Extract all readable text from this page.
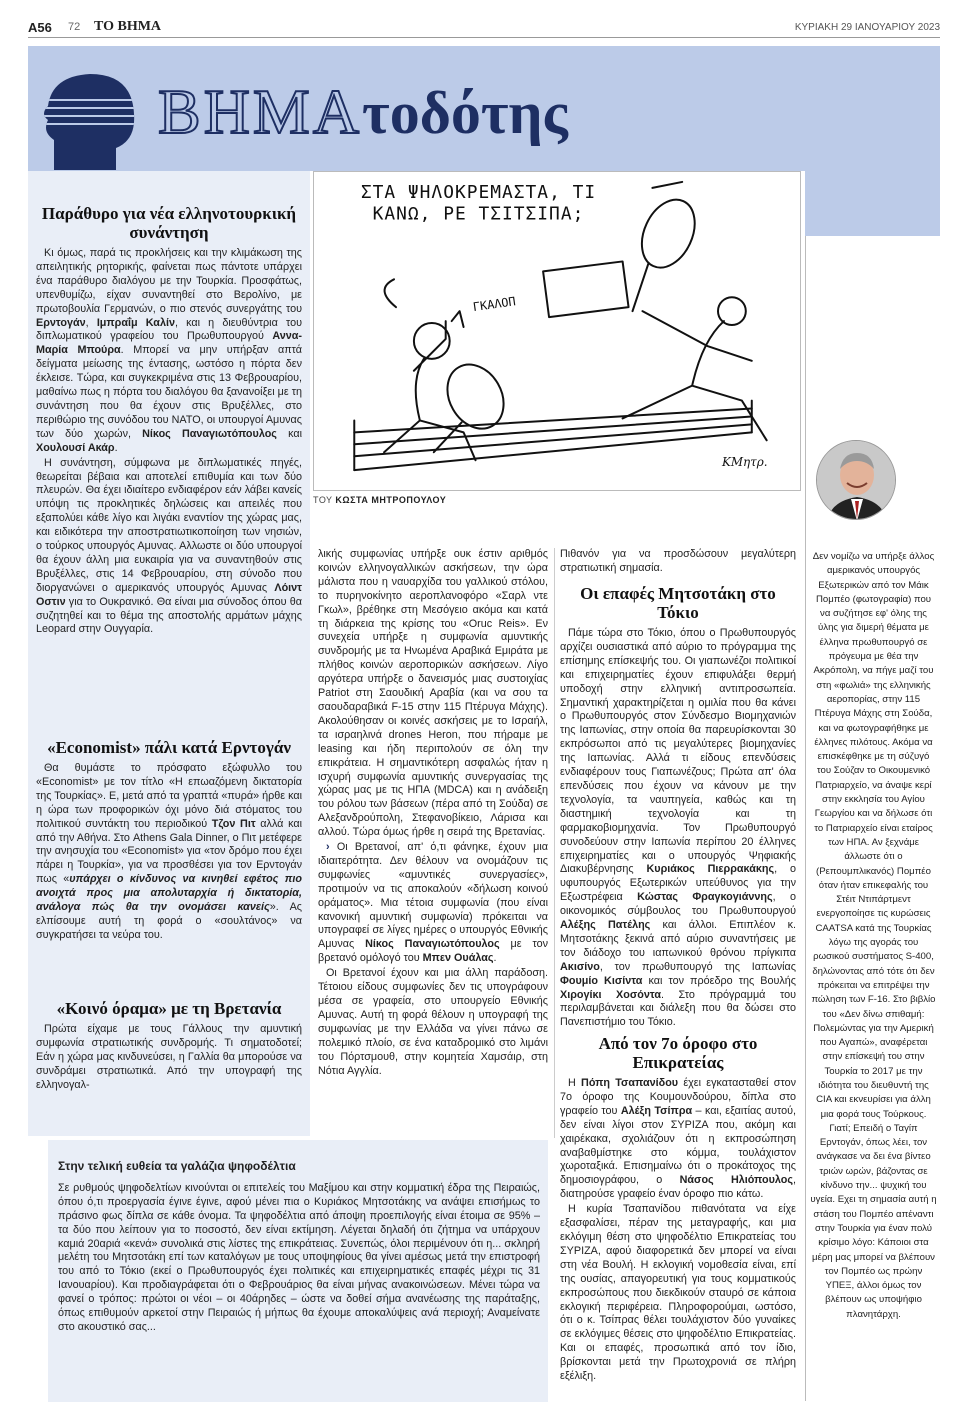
Α56 72 ΤΟ ΒΗΜΑ	ΚΥΡΙΑΚΗ 29 ΙΑΝΟΥΑΡΙΟΥ 2023
ΒΗΜΑτοδότης
ΓΚΑΛΟΠ
ΣΤΑ ΨΗΛΟΚΡΕΜΑΣΤΑ, ΤΙ ΚΑΝΩ, ΡΕ ΤΣΙΤΣΙΠΑ;
ΚΜητρ.
ΤΟΥ ΚΩΣΤΑ ΜΗΤΡΟΠΟΥΛΟΥ
Παράθυρο για νέα ελληνοτουρκική συνάντηση

Κι όμως, παρά τις προκλήσεις και την κλιμάκωση της απειλητικής ρητορικής, φαίνεται πως πάντοτε υπάρχει ένα παράθυρο διαλόγου με την Τουρκία. Προσφάτως, υπενθυμίζω, είχαν συναντηθεί στο Βερολίνο, με πρωτοβουλία Γερμανών, ο πιο στενός συνεργάτης του Ερντογάν, Ιμπραΐμ Καλίν, και η διευθύντρια του διπλωματικού γραφείου του Πρωθυπουργού Αννα-Μαρία Μπούρα. Μπορεί να μην υπήρξαν απτά δείγματα μείωσης της έντασης, ωστόσο η πόρτα δεν έκλεισε. Τώρα, και συγκεκριμένα στις 13 Φεβρουαρίου, μαθαίνω πως η πόρτα του διαλόγου θα ξανανοίξει με τη συνάντηση που θα έχουν στις Βρυξέλλες, στο περιθώριο της συνόδου του ΝΑΤΟ, οι υπουργοί Αμυνας των δύο χωρών, Νίκος Παναγιωτόπουλος και Χουλουσί Ακάρ.

Η συνάντηση, σύμφωνα με διπλωματικές πηγές, θεωρείται βέβαια και αποτελεί επιθυμία και των δύο πλευρών. Θα έχει ιδιαίτερο ενδιαφέρον εάν λάβει κανείς υπόψη τις προκλητικές δηλώσεις και απειλές που εξαπολύει κάθε λίγο και λιγάκι εναντίον της χώρας μας, και ειδικότερα την αποστρατιωτικοποίηση των νησιών, ο τούρκος υπουργός Αμυνας. Αλλωστε οι δύο υπουργοί θα έχουν άλλη μια ευκαιρία για να συναντηθούν στις Βρυξέλλες, στις 14 Φεβρουαρίου, στη σύνοδο που διοργανώνει ο αμερικανός υπουργός Αμυνας Λόιντ Οστιν για το Ουκρανικό. Θα είναι μια σύνοδος όπου θα συζητηθεί και το θέμα της αποστολής αρμάτων μάχης Leopard στην Ουγγαρία.

«Economist» πάλι κατά Ερντογάν

Θα θυμάστε το πρόσφατο εξώφυλλο του «Economist» με τον τίτλο «Η επωαζόμενη δικτατορία της Τουρκίας». Ε, μετά από τα γραπτά «πυρά» ήρθε και η ώρα των προφορικών όχι μόνο διά στόματος του πολιτικού συντάκτη του περιοδικού Τζον Πιτ αλλά και από την Αθήνα. Στο Athens Gala Dinner, ο Πιτ μετέφερε την ανησυχία του «Economist» για «τον δρόμο που έχει πάρει η Τουρκία», για να προσθέσει για τον Ερντογάν πως «υπάρχει ο κίνδυνος να κινηθεί εφέτος πιο ανοιχτά προς μια απολυταρχία ή δικτατορία, ανάλογα πώς θα την ονομάσει κανείς». Ας ελπίσουμε αυτή τη φορά ο «σουλτάνος» να συγκρατήσει τα νεύρα του.

«Κοινό όραμα» με τη Βρετανία

Πρώτα είχαμε με τους Γάλλους την αμυντική συμφωνία στρατιωτικής συνδρομής. Τι σηματοδοτεί; Εάν η χώρα μας κινδυνεύσει, η Γαλλία θα μπορούσε να συνδράμει στρατιωτικά. Από την υπογραφή της ελληνογαλ-

λικής συμφωνίας υπήρξε ουκ έστιν αριθμός κοινών ελληνογαλλικών ασκήσεων, την ώρα μάλιστα που η ναυαρχίδα του γαλλικού στόλου, το πυρηνοκίνητο αεροπλανοφόρο «Σαρλ ντε Γκωλ», βρέθηκε στη Μεσόγειο ακόμα και κατά τη διάρκεια της κρίσης του «Oruc Reis». Εν συνεχεία υπήρξε η συμφωνία αμυντικής συνδρομής με τα Ηνωμένα Αραβικά Εμιράτα με πλήθος κοινών αεροπορικών ασκήσεων. Λίγο αργότερα υπήρξε ο δανεισμός μιας συστοιχίας Patriot στη Σαουδική Αραβία (και να σου τα σαουδαραβικά F-15 στην 115 Πτέρυγα Μάχης). Ακολούθησαν οι κοινές ασκήσεις με το Ισραήλ, τα ισραηλινά drones Heron, που πήραμε με leasing και ήδη περιπολούν σε όλη την επικράτεια. Η σημαντικότερη ασφαλώς ήταν η ισχυρή συμφωνία αμυντικής συνεργασίας της χώρας μας με τις ΗΠΑ (MDCA) και η ανάδειξη του ρόλου των βάσεων (πέρα από τη Σούδα) σε Αλεξανδρούπολη, Στεφανοβίκειο, Λάρισα και αλλού. Τώρα όμως ήρθε η σειρά της Βρετανίας.

› Οι Βρετανοί, απ' ό,τι φάνηκε, έχουν μια ιδιαιτερότητα. Δεν θέλουν να ονομάζουν τις συμφωνίες «αμυντικές συνεργασίες», προτιμούν να τις αποκαλούν «δήλωση κοινού οράματος». Μια τέτοια συμφωνία (που είναι κανονική αμυντική συμφωνία) πρόκειται να υπογραφεί σε λίγες ημέρες ο υπουργός Εθνικής Αμυνας Νίκος Παναγιωτόπουλος με τον βρετανό ομόλογό του Μπεν Ουάλας.

Οι Βρετανοί έχουν και μια άλλη παράδοση. Τέτοιου είδους συμφωνίες δεν τις υπογράφουν μέσα σε γραφεία, στο υπουργείο Εθνικής Αμυνας. Αυτή τη φορά θέλουν η υπογραφή της συμφωνίας με την Ελλάδα να γίνει πάνω σε πολεμικό πλοίο, σε ένα καταδρομικό στο λιμάνι του Πόρτσμουθ, στην κομητεία Χαμσάιρ, στη Νότια Αγγλία.

Πιθανόν για να προσδώσουν μεγαλύτερη στρατιωτική σημασία.

Οι επαφές Μητσοτάκη στο Τόκιο

Πάμε τώρα στο Τόκιο, όπου ο Πρωθυπουργός αρχίζει ουσιαστικά από αύριο το πρόγραμμα της επίσημης επίσκεψής του. Οι γιαπωνέζοι πολιτικοί και επιχειρηματίες έχουν επιφυλάξει θερμή υποδοχή στην ελληνική αντιπροσωπεία. Σημαντική χαρακτηρίζεται η ομιλία που θα κάνει ο Πρωθυπουργός στον Σύνδεσμο Βιομηχανιών της Ιαπωνίας, στην οποία θα παρευρίσκονται 30 εκπρόσωποι από τις μεγαλύτερες βιομηχανίες της Ιαπωνίας. Αλλά τι είδους επενδύσεις ενδιαφέρουν τους Γιαπωνέζους; Πρώτα απ' όλα επενδύσεις που έχουν να κάνουν με την τεχνολογία, τα ναυπηγεία, καθώς και τη διαστημική τεχνολογία και τη φαρμακοβιομηχανία. Τον Πρωθυπουργό συνοδεύουν στην Ιαπωνία περίπου 20 έλληνες επιχειρηματίες και ο υπουργός Ψηφιακής Διακυβέρνησης Κυριάκος Πιερρακάκης, ο υφυπουργός Εξωτερικών υπεύθυνος για την Εξωστρέφεια Κώστας Φραγκογιάννης, ο οικονομικός σύμβουλος του Πρωθυπουργού Αλέξης Πατέλης και άλλοι. Επιπλέον κ. Μητσοτάκης ξεκινά από αύριο συναντήσεις με τον διάδοχο του ιαπωνικού θρόνου πρίγκιπα Ακισίνο, τον πρωθυπουργό της Ιαπωνίας Φουμίο Κισίντα και τον πρόεδρο της Βουλής Χιρογίκι Χοσόντα. Στο πρόγραμμά του περιλαμβάνεται και διάλεξη που θα δώσει στο Πανεπιστήμιο του Τόκιο.

Από τον 7ο όροφο στο Επικρατείας

Η Πόπη Τσαπανίδου έχει εγκατασταθεί στον 7ο όροφο της Κουμουνδούρου, δίπλα στο γραφείο του Αλέξη Τσίπρα – και, εξαιτίας αυτού, δεν είναι λίγοι στον ΣΥΡΙΖΑ που, ακόμη και χαιρέκακα, σχολιάζουν ότι η εκπροσώπηση αναβαθμίστηκε στο κόμμα, τουλάχιστον χωροταξικά. Επισημαίνω ότι ο προκάτοχος της δημοσιογράφου, ο Νάσος Ηλιόπουλος, διατηρούσε γραφείο έναν όροφο πιο κάτω.

Η κυρία Τσαπανίδου πιθανότατα να είχε εξασφαλίσει, πέραν της μεταγραφής, και μια εκλόγιμη θέση στο ψηφοδέλτιο Επικρατείας του ΣΥΡΙΖΑ, αφού διαφορετικά δεν μπορεί να είναι στη νέα Βουλή. Η εκλογική νομοθεσία είναι, επί της ουσίας, απαγορευτική για τους κομματικούς εκπροσώπους που διεκδικούν σταυρό σε κάποια εκλογική περιφέρεια. Πληροφορούμαι, ωστόσο, ότι ο κ. Τσίπρας θέλει τουλάχιστον δύο γυναίκες σε εκλόγιμες θέσεις στο ψηφοδέλτιο Επικρατείας. Και οι επαφές, προσωπικά από τον ίδιο, βρίσκονται μετά την Πρωτοχρονιά σε πλήρη εξέλιξη.

Στην τελική ευθεία τα γαλάζια ψηφοδέλτια

Σε ρυθμούς ψηφοδελτίων κινούνται οι επιτελείς του Μαξίμου και στην κομματική έδρα της Πειραιώς, όπου ό,τι προεργασία έγινε έγινε, αφού μένει πια ο Κυριάκος Μητσοτάκης να ανάψει επισήμως το πράσινο φως δίπλα σε κάθε όνομα. Τα ψηφοδέλτια από άποψη προεπιλογής είναι έτοιμα σε 95% – τα δύο που λείπουν για το ποσοστό, δεν είναι εκτίμηση. Λέγεται δηλαδή ότι ζήτημα να υπάρχουν καμιά 20αριά «κενά» συνολικά στις λίστες της επικράτειας. Συνεπώς, όλοι περιμένουν ότι η... σκληρή μελέτη του Μητσοτάκη επί των καταλόγων με τους υποψηφίους θα γίνει αμέσως μετά την επιστροφή του από το Τόκιο (εκεί ο Πρωθυπουργός έχει πολιτικές και επιχειρηματικές επαφές μέχρι τις 31 Ιανουαρίου). Και προδιαγράφεται ότι ο Φεβρουάριος θα είναι μήνας ανακοινώσεων. Μένει τώρα να φανεί ο τρόπος: πρώτοι οι νέοι – οι 40άρηδες – ώστε να δοθεί σήμα ανανέωσης της παράταξης, όπως επιθυμούν αρκετοί στην Πειραιώς ή μήπως θα έχουμε αποκαλύψεις ανά περιοχή; Αναμείνατε στο ακουστικό σας...

Δεν νομίζω να υπήρξε άλλος αμερικανός υπουργός Εξωτερικών από τον Μάικ Πομπέο (φωτογραφία) που να συζήτησε εφ' όλης της ύλης για διμερή θέματα με έλληνα πρωθυπουργό σε πρόγευμα με θέα την Ακρόπολη, να πήγε μαζί του στη «φωλιά» της ελληνικής αεροπορίας, στην 115 Πτέρυγα Μάχης στη Σούδα, και να φωτογραφήθηκε με έλληνες πιλότους. Ακόμα να επισκέφθηκε με τη σύζυγό του Σούζαν το Οικουμενικό Πατριαρχείο, να άναψε κερί στην εκκλησία του Αγίου Γεωργίου και να δήλωσε ότι το Πατριαρχείο είναι εταίρος των ΗΠΑ. Αν ξεχνάμε άλλωστε ότι ο (Ρεπουμπλικανός) Πομπέο όταν ήταν επικεφαλής του Στέιτ Ντιπάρτμεντ ενεργοποίησε τις κυρώσεις CAATSA κατά της Τουρκίας λόγω της αγοράς του ρωσικού συστήματος S-400, δηλώνοντας από τότε ότι δεν πρόκειται να επιτρέψει την πώληση των F-16. Στο βιβλίο του «Δεν δίνω σπιθαμή: Πολεμώντας για την Αμερική που Αγαπώ», αναφέρεται στην επίσκεψή του στην Τουρκία το 2017 με την ιδιότητα του διευθυντή της CIA και εκνευρίσει για άλλη μια φορά τους Τούρκους. Γιατί; Επειδή ο Ταγίπ Ερντογάν, όπως λέει, τον ανάγκασε να δει ένα βίντεο τριών ωρών, βάζοντας σε κίνδυνο την... ψυχική του υγεία. Εχει τη σημασία αυτή η στάση του Πομπέο απέναντι στην Τουρκία για έναν πολύ κρίσιμο λόγο: Κάποιοι στα μέρη μας μπορεί να βλέπουν τον Πομπέο ως πρώην ΥΠΕΞ, άλλοι όμως τον βλέπουν ως υποψήφιο πλανητάρχη.
